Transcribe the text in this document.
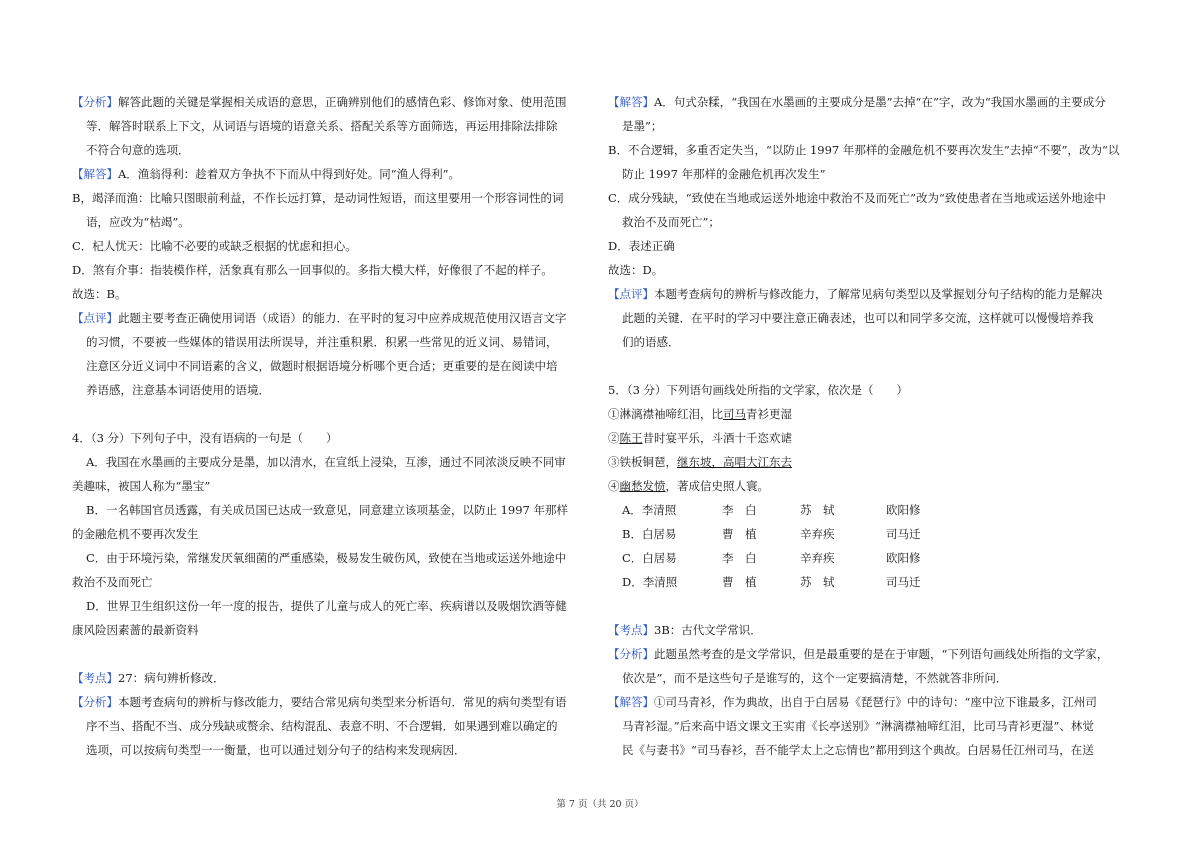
【分析】解答此题的关键是掌握相关成语的意思，正确辨别他们的感情色彩、修饰对象、使用范围

等．解答时联系上下文，从词语与语境的语意关系、搭配关系等方面筛选，再运用排除法排除

不符合句意的选项．

【解答】A．渔翁得利：趁着双方争执不下而从中得到好处。同“渔人得利”。

B，竭泽而渔：比喻只图眼前利益，不作长远打算，是动词性短语，而这里要用一个形容词性的词

语，应改为“枯竭”。

C．杞人忧天：比喻不必要的或缺乏根据的忧虑和担心。

D．煞有介事：指装模作样，活象真有那么一回事似的。多指大模大样，好像很了不起的样子。

故选：B。

【点评】此题主要考查正确使用词语（成语）的能力．在平时的复习中应养成规范使用汉语言文字

的习惯，不要被一些媒体的错误用法所误导，并注重积累．积累一些常见的近义词、易错词，

注意区分近义词中不同语素的含义，做题时根据语境分析哪个更合适；更重要的是在阅读中培

养语感，注意基本词语使用的语境．

4．（3 分）下列句子中，没有语病的一句是（　　）

A．我国在水墨画的主要成分是墨，加以清水，在宣纸上浸染，互渗，通过不同浓淡反映不同审

美趣味，被国人称为“墨宝”

B．一名韩国官员透露，有关成员国已达成一致意见，同意建立该项基金，以防止 1997 年那样

的金融危机不要再次发生

C．由于环境污染，常继发厌氧细菌的严重感染，极易发生破伤风，致使在当地或运送外地途中

救治不及而死亡

D．世界卫生组织这份一年一度的报告，提供了儿童与成人的死亡率、疾病谱以及吸烟饮酒等健

康风险因素蔷的最新资料

【考点】27：病句辨析修改．

【分析】本题考查病句的辨析与修改能力，要结合常见病句类型来分析语句．常见的病句类型有语

序不当、搭配不当、成分残缺或赘余、结构混乱、表意不明、不合逻辑．如果遇到难以确定的

选项，可以按病句类型一一衡量，也可以通过划分句子的结构来发现病因．

【解答】A．句式杂糅，“我国在水墨画的主要成分是墨”去掉“在”字，改为“我国水墨画的主要成分

是墨”；

B．不合逻辑，多重否定失当，“以防止 1997 年那样的金融危机不要再次发生”去掉“不要”，改为“以

防止 1997 年那样的金融危机再次发生”

C．成分残缺，“致使在当地或运送外地途中救治不及而死亡”改为“致使患者在当地或运送外地途中

救治不及而死亡”；

D．表述正确

故选：D。

【点评】本题考查病句的辨析与修改能力，了解常见病句类型以及掌握划分句子结构的能力是解决

此题的关键．在平时的学习中要注意正确表述，也可以和同学多交流，这样就可以慢慢培养我

们的语感．

5．（3 分）下列语句画线处所指的文学家，依次是（　　）

①淋漓襟袖啼红泪，比司马青衫更湿

②陈王昔时宴平乐，斗酒十千恣欢谑

③铁板铜琶，继东坡，高唱大江东去

④幽愁发愤，著成信史照人寰。

A．李清照	李　白	苏　轼	欧阳修
B．白居易	曹　植	辛弃疾	司马迁
C．白居易	李　白	辛弃疾	欧阳修
D．李清照	曹　植	苏　轼	司马迁

【考点】3B：古代文学常识．

【分析】此题虽然考查的是文学常识，但是最重要的是在于审题，“下列语句画线处所指的文学家，

依次是”，而不是这些句子是谁写的，这个一定要搞清楚，不然就答非所问．

【解答】①司马青衫，作为典故，出自于白居易《琵琶行》中的诗句：“座中泣下谁最多，江州司

马青衫湿。”后来高中语文课文王实甫《长亭送别》“淋漓襟袖啼红泪，比司马青衫更湿”、林觉

民《与妻书》“司马春衫，吾不能学太上之忘情也”都用到这个典故。白居易任江州司马，在送

第 7 页（共 20 页）
